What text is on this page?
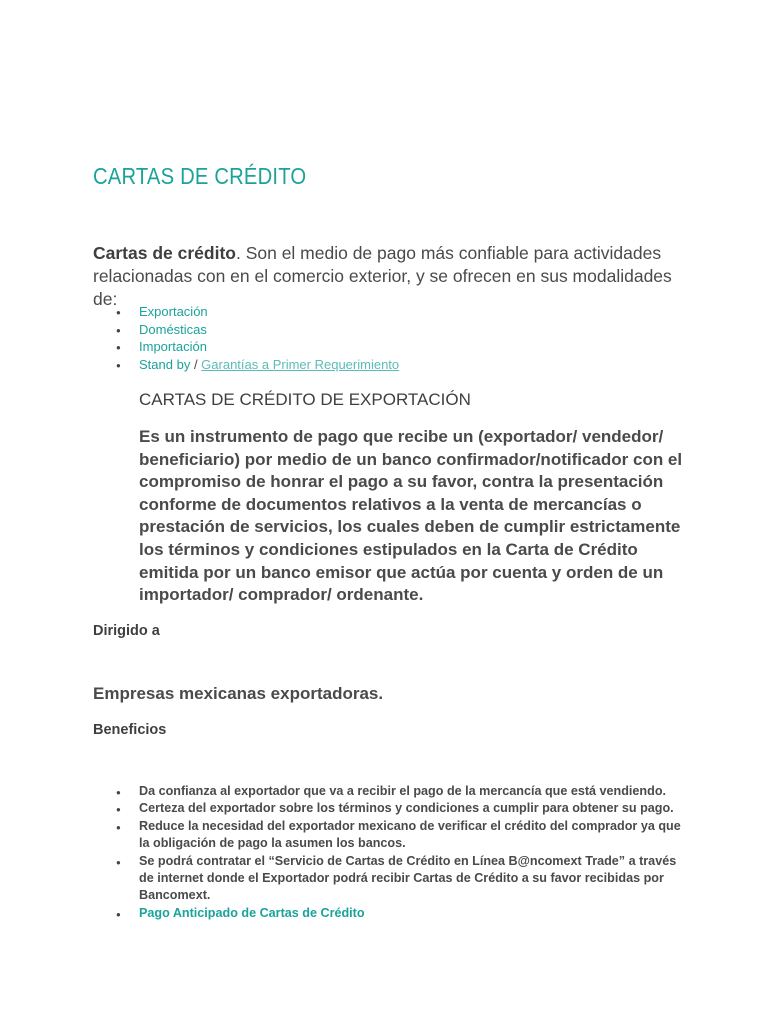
CARTAS DE CRÉDITO

Cartas de crédito. Son el medio de pago más confiable para actividades relacionadas con en el comercio exterior, y se ofrecen en sus modalidades de:

● Exportación
● Domésticas
● Importación
● Stand by / Garantías a Primer Requerimiento
CARTAS DE CRÉDITO DE EXPORTACIÓN

Es un instrumento de pago que recibe un (exportador/ vendedor/ beneficiario) por medio de un banco confirmador/notificador con el compromiso de honrar el pago a su favor, contra la presentación conforme de documentos relativos a la venta de mercancías o prestación de servicios, los cuales deben de cumplir estrictamente los términos y condiciones estipulados en la Carta de Crédito emitida por un banco emisor que actúa por cuenta y orden de un importador/ comprador/ ordenante.

Dirigido a

Empresas mexicanas exportadoras.

Beneficios

● Da confianza al exportador que va a recibir el pago de la mercancía que está vendiendo.
● Certeza del exportador sobre los términos y condiciones a cumplir para obtener su pago.
● Reduce la necesidad del exportador mexicano de verificar el crédito del comprador ya que la obligación de pago la asumen los bancos.
● Se podrá contratar el “Servicio de Cartas de Crédito en Línea B@ncomext Trade” a través de internet donde el Exportador podrá recibir Cartas de Crédito a su favor recibidas por Bancomext.
● Pago Anticipado de Cartas de Crédito
